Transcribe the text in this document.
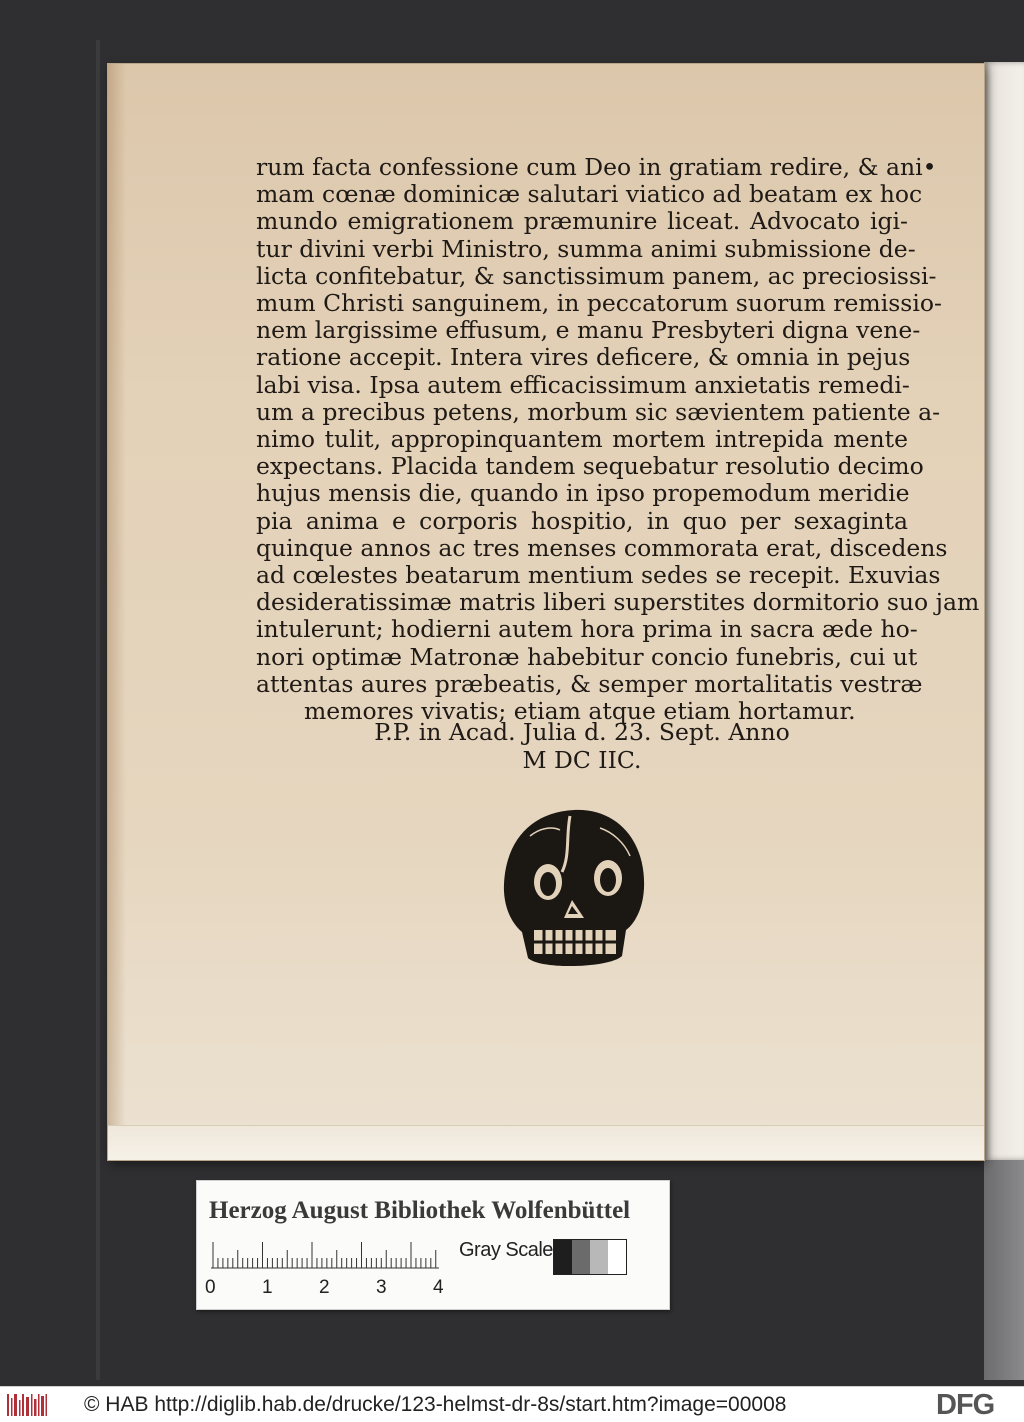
rum facta confessione cum Deo in gratiam redire, & ani•
mam cœnæ dominicæ salutari viatico ad beatam ex hoc
mundo emigrationem præmunire liceat. Advocato igi-
tur divini verbi Ministro, summa animi submissione de-
licta confitebatur, & sanctissimum panem, ac preciosissi-
mum Christi sanguinem, in peccatorum suorum remissio-
nem largissime effusum, e manu Presbyteri digna vene-
ratione accepit. Intera vires deficere, & omnia in pejus
labi visa. Ipsa autem efficacissimum anxietatis remedi-
um a precibus petens, morbum sic sævientem patiente a-
nimo tulit, appropinquantem mortem intrepida mente
expectans. Placida tandem sequebatur resolutio decimo
hujus mensis die, quando in ipso propemodum meridie
pia anima e corporis hospitio, in quo per sexaginta
quinque annos ac tres menses commorata erat, discedens
ad cœlestes beatarum mentium sedes se recepit. Exuvias
desideratissimæ matris liberi superstites dormitorio suo jam
intulerunt; hodierni autem hora prima in sacra æde ho-
nori optimæ Matronæ habebitur concio funebris, cui ut
attentas aures præbeatis, & semper mortalitatis vestræ
memores vivatis; etiam atque etiam hortamur.
P.P. in Acad. Julia d. 23. Sept. Anno
M DC IIC.
Herzog August Bibliothek Wolfenbüttel
0 1 2 3 4
Gray Scale
© HAB http://diglib.hab.de/drucke/123-helmst-dr-8s/start.htm?image=00008	DFG
